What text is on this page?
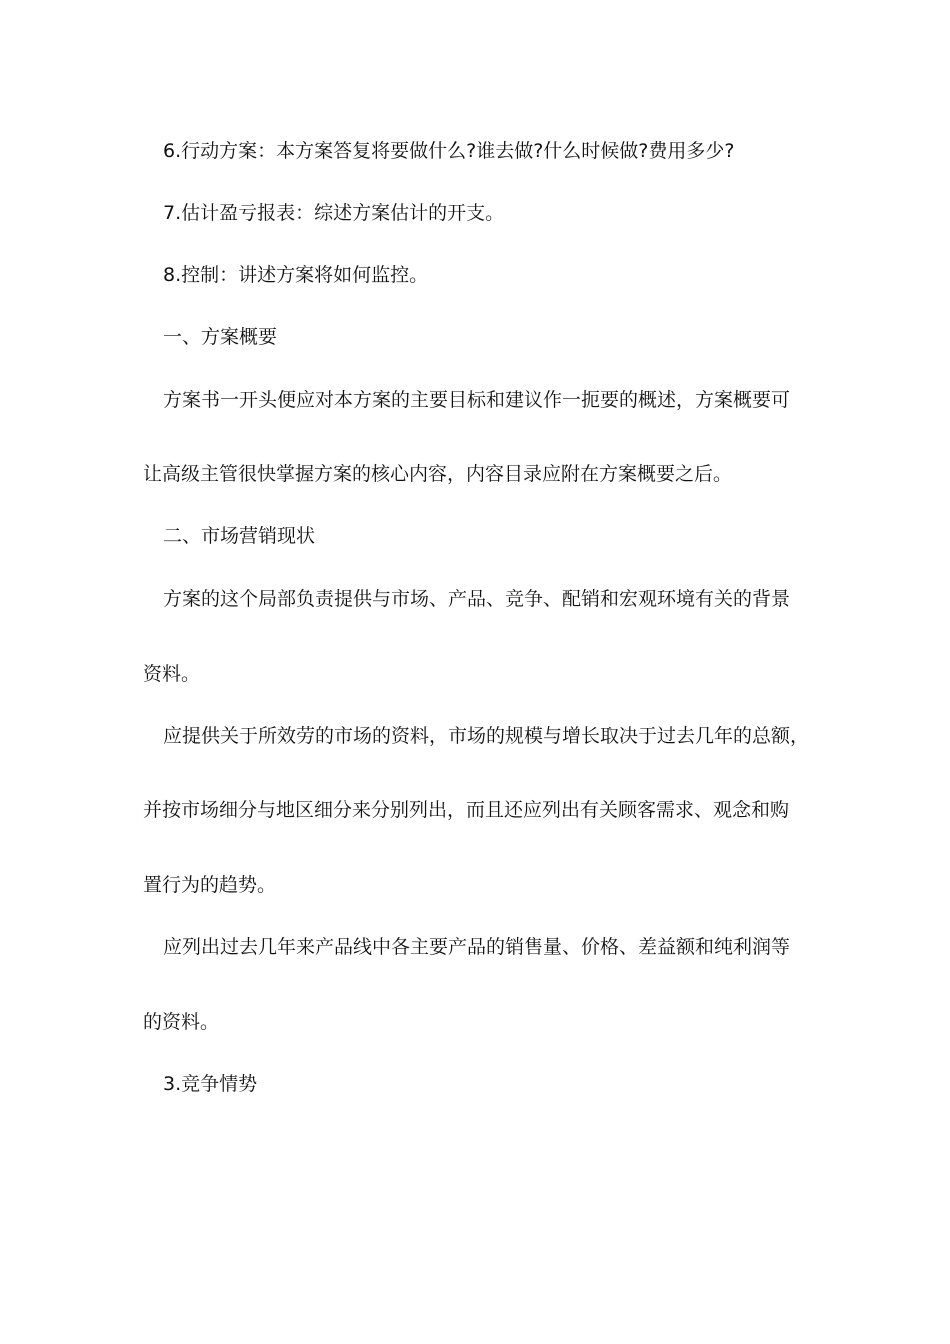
6.行动方案：本方案答复将要做什么?谁去做?什么时候做?费用多少?

7.估计盈亏报表：综述方案估计的开支。

8.控制：讲述方案将如何监控。

一、方案概要

方案书一开头便应对本方案的主要目标和建议作一扼要的概述，方案概要可

让高级主管很快掌握方案的核心内容，内容目录应附在方案概要之后。

二、市场营销现状

方案的这个局部负责提供与市场、产品、竞争、配销和宏观环境有关的背景

资料。

应提供关于所效劳的市场的资料，市场的规模与增长取决于过去几年的总额，

并按市场细分与地区细分来分别列出，而且还应列出有关顾客需求、观念和购

置行为的趋势。

应列出过去几年来产品线中各主要产品的销售量、价格、差益额和纯利润等

的资料。

3.竞争情势
